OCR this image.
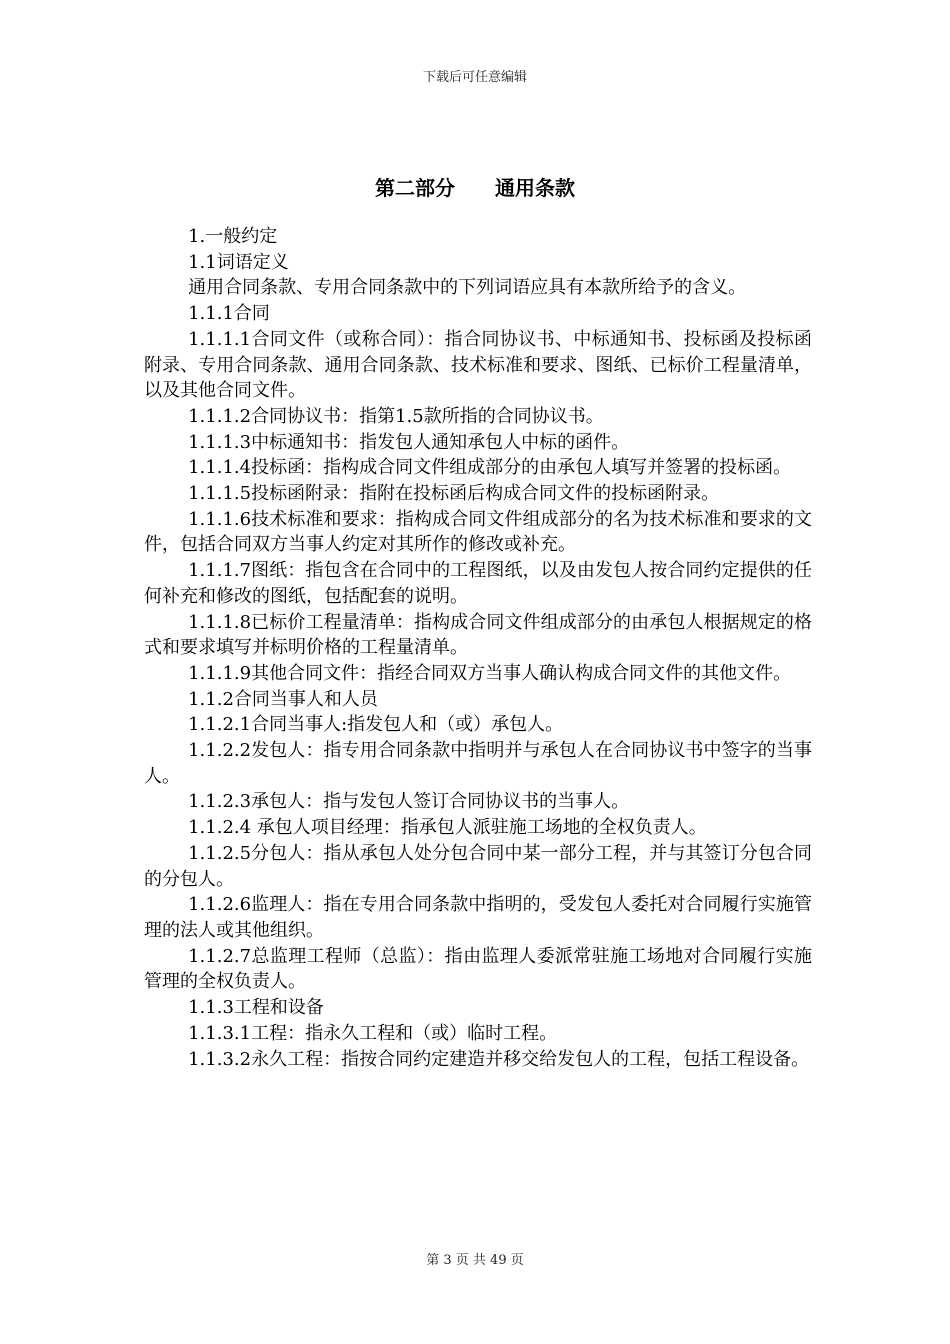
下载后可任意编辑
第二部分　　通用条款

1.一般约定

1.1词语定义

通用合同条款、专用合同条款中的下列词语应具有本款所给予的含义。

1.1.1合同

1.1.1.1合同文件（或称合同）：指合同协议书、中标通知书、投标函及投标函附录、专用合同条款、通用合同条款、技术标准和要求、图纸、已标价工程量清单，以及其他合同文件。

1.1.1.2合同协议书：指第1.5款所指的合同协议书。

1.1.1.3中标通知书：指发包人通知承包人中标的函件。

1.1.1.4投标函：指构成合同文件组成部分的由承包人填写并签署的投标函。

1.1.1.5投标函附录：指附在投标函后构成合同文件的投标函附录。

1.1.1.6技术标准和要求：指构成合同文件组成部分的名为技术标准和要求的文件，包括合同双方当事人约定对其所作的修改或补充。

1.1.1.7图纸：指包含在合同中的工程图纸，以及由发包人按合同约定提供的任何补充和修改的图纸，包括配套的说明。

1.1.1.8已标价工程量清单：指构成合同文件组成部分的由承包人根据规定的格式和要求填写并标明价格的工程量清单。

1.1.1.9其他合同文件：指经合同双方当事人确认构成合同文件的其他文件。

1.1.2合同当事人和人员

1.1.2.1合同当事人:指发包人和（或）承包人。

1.1.2.2发包人：指专用合同条款中指明并与承包人在合同协议书中签字的当事人。

1.1.2.3承包人：指与发包人签订合同协议书的当事人。

1.1.2.4 承包人项目经理：指承包人派驻施工场地的全权负责人。

1.1.2.5分包人：指从承包人处分包合同中某一部分工程，并与其签订分包合同的分包人。

1.1.2.6监理人：指在专用合同条款中指明的，受发包人委托对合同履行实施管理的法人或其他组织。

1.1.2.7总监理工程师（总监）：指由监理人委派常驻施工场地对合同履行实施管理的全权负责人。

1.1.3工程和设备

1.1.3.1工程：指永久工程和（或）临时工程。

1.1.3.2永久工程：指按合同约定建造并移交给发包人的工程，包括工程设备。

第 3 页 共 49 页
